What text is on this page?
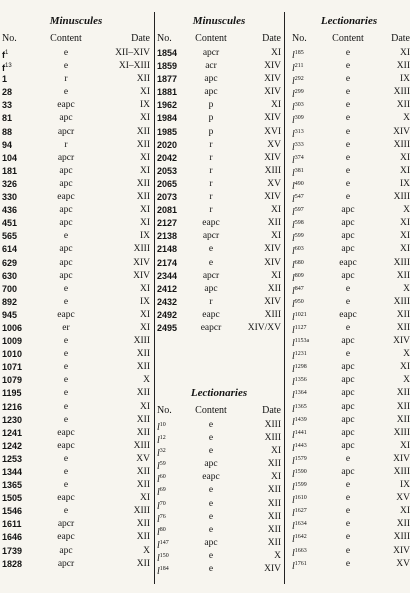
Minuscules
No.	Content	Date
$f^1$	e	XII–XIV
$f^{13}$	e	XI–XIII
1	r	XII
28	e	XI
33	eapc	IX
81	apc	XI
88	apcr	XII
94	r	XII
104	apcr	XI
181	apc	XI
326	apc	XII
330	eapc	XII
436	apc	XI
451	apc	XI
565	e	IX
614	apc	XIII
629	apc	XIV
630	apc	XIV
700	e	XI
892	e	IX
945	eapc	XI
1006	er	XI
1009	e	XIII
1010	e	XII
1071	e	XII
1079	e	X
1195	e	XII
1216	e	XI
1230	e	XII
1241	eapc	XII
1242	eapc	XIII
1253	e	XV
1344	e	XII
1365	e	XII
1505	eapc	XI
1546	e	XIII
1611	apcr	XII
1646	eapc	XII
1739	apc	X
1828	apcr	XII
Minuscules
No.	Content	Date
1854	apcr	XI
1859	acr	XIV
1877	apc	XIV
1881	apc	XIV
1962	p	XI
1984	p	XIV
1985	p	XVI
2020	r	XV
2042	r	XIV
2053	r	XIII
2065	r	XV
2073	r	XIV
2081	r	XI
2127	eapc	XII
2138	apcr	XI
2148	e	XIV
2174	e	XIV
2344	apcr	XI
2412	apc	XII
2432	r	XIV
2492	eapc	XIII
2495	eapcr	XIV/XV
Lectionaries
No.	Content	Date
$l^{10}$	e	XIII
$l^{12}$	e	XIII
$l^{32}$	e	XI
$l^{59}$	apc	XII
$l^{60}$	eapc	XI
$l^{69}$	e	XII
$l^{70}$	e	XII
$l^{76}$	e	XII
$l^{80}$	e	XII
$l^{147}$	apc	XII
$l^{150}$	e	X
$l^{184}$	e	XIV
Lectionaries
No.	Content	Date
$l^{185}$	e	XI
$l^{211}$	e	XII
$l^{292}$	e	IX
$l^{299}$	e	XIII
$l^{303}$	e	XII
$l^{309}$	e	X
$l^{313}$	e	XIV
$l^{333}$	e	XIII
$l^{374}$	e	XI
$l^{381}$	e	XI
$l^{490}$	e	IX
$l^{547}$	e	XIII
$l^{597}$	apc	X
$l^{598}$	apc	XI
$l^{599}$	apc	XI
$l^{603}$	apc	XI
$l^{680}$	eapc	XIII
$l^{809}$	apc	XII
$l^{847}$	e	X
$l^{950}$	e	XIII
$l^{1021}$	eapc	XII
$l^{1127}$	e	XII
$l^{1153a}$	apc	XIV
$l^{1231}$	e	X
$l^{1298}$	apc	XI
$l^{1356}$	apc	X
$l^{1364}$	apc	XII
$l^{1365}$	apc	XII
$l^{1439}$	apc	XII
$l^{1441}$	apc	XIII
$l^{1443}$	apc	XI
$l^{1579}$	e	XIV
$l^{1590}$	apc	XIII
$l^{1599}$	e	IX
$l^{1610}$	e	XV
$l^{1627}$	e	XI
$l^{1634}$	e	XII
$l^{1642}$	e	XIII
$l^{1663}$	e	XIV
$l^{1761}$	e	XV
